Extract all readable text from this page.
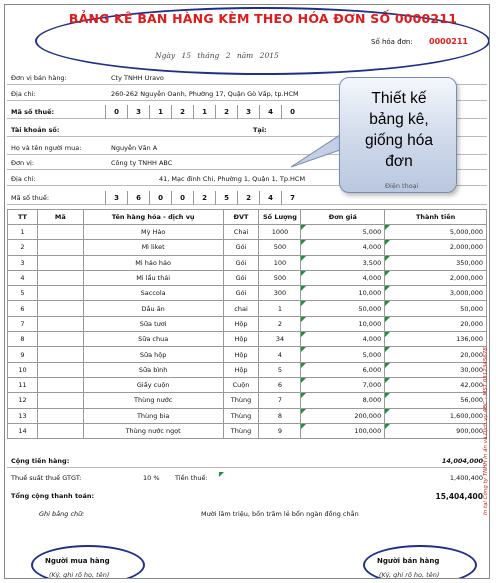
BẢNG KÊ BÁN HÀNG KÈM THEO HÓA ĐƠN SỐ 0000211
Số hóa đơn: 0000211
Ngày 15 tháng 2 năm 2015
Đơn vị bán hàng:	Cty TNHH Uravo
Địa chỉ:	260-262 Nguyễn Oanh, Phường 17, Quận Gò Vấp, tp.HCM
Mã số thuế:	0	3	1	2	1	2	3	4	0
Tài khoản số:	Tại:
Họ và tên người mua:	Nguyễn Văn A
Đơn vị:	Công ty TNHH ABC
Địa chỉ:	41, Mạc đỉnh Chi, Phường 1, Quận 1, Tp.HCM
Mã số thuế:	3	6	0	0	2	5	2	4	7
Thiết kế
bảng kê,
giống hóa
đơn
Điện thoại
TT	Mã	Tên hàng hóa - dịch vụ	ĐVT	Số Lượng	Đơn giá	Thành tiền
1		Mỳ Hảo	Chai	1000	5,000	5,000,000
2		Mì liket	Gói	500	4,000	2,000,000
3		Mì hảo hảo	Gói	100	3,500	350,000
4		Mì lẩu thái	Gói	500	4,000	2,000,000
5		Saccola	Gói	300	10,000	3,000,000
6		Dầu ăn	chai	1	50,000	50,000
7		Sữa tươi	Hộp	2	10,000	20,000
8		Sữa chua	Hộp	34	4,000	136,000
9		Sữa hộp	Hộp	4	5,000	20,000
10		Sữa bình	Hộp	5	6,000	30,000
11		Giấy cuộn	Cuộn	6	7,000	42,000
12		Thùng nước	Thùng	7	8,000	56,000
13		Thùng bia	Thùng	8	200,000	1,600,000
14		Thùng nước ngọt	Thùng	9	100,000	900,000
Cộng tiền hàng:	14,004,000
Thuế suất thuế GTGT:	10 % Tiền thuế:	1,400,400
Tổng cộng thanh toán:	15,404,400
Ghi bằng chữ:	Mười lăm triệu, bốn trăm lẻ bốn ngàn đồng chẵn
Người mua hàng
(Ký, ghi rõ họ, tên)
Người bán hàng
(Ký, ghi rõ họ, tên)
In tại Công ty TNHH In ấn và Dịch vụ ABC - MST 0312345678
